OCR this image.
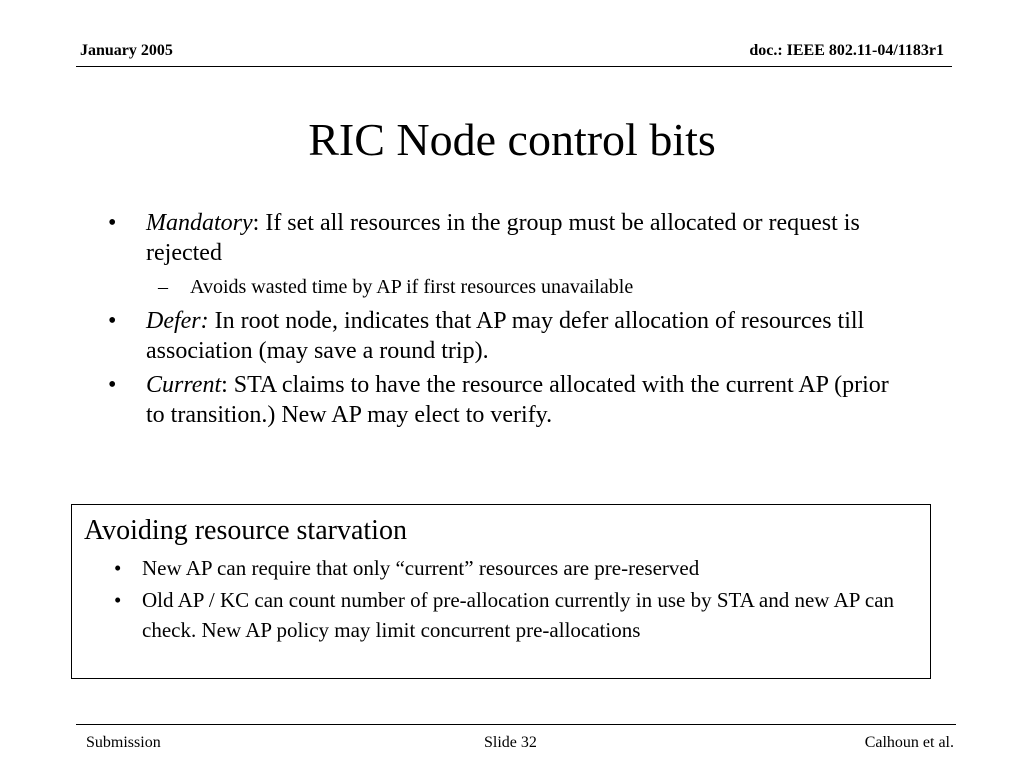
January 2005	doc.: IEEE 802.11-04/1183r1
RIC Node control bits
• Mandatory: If set all resources in the group must be allocated or request is rejected
– Avoids wasted time by AP if first resources unavailable
• Defer: In root node, indicates that AP may defer allocation of resources till association (may save a round trip).
• Current: STA claims to have the resource allocated with the current AP (prior to transition.) New AP may elect to verify.
Avoiding resource starvation
• New AP can require that only “current” resources are pre-reserved
• Old AP / KC can count number of pre-allocation currently in use by STA and new AP can check. New AP policy may limit concurrent pre-allocations
Submission	Slide 32	Calhoun et al.
